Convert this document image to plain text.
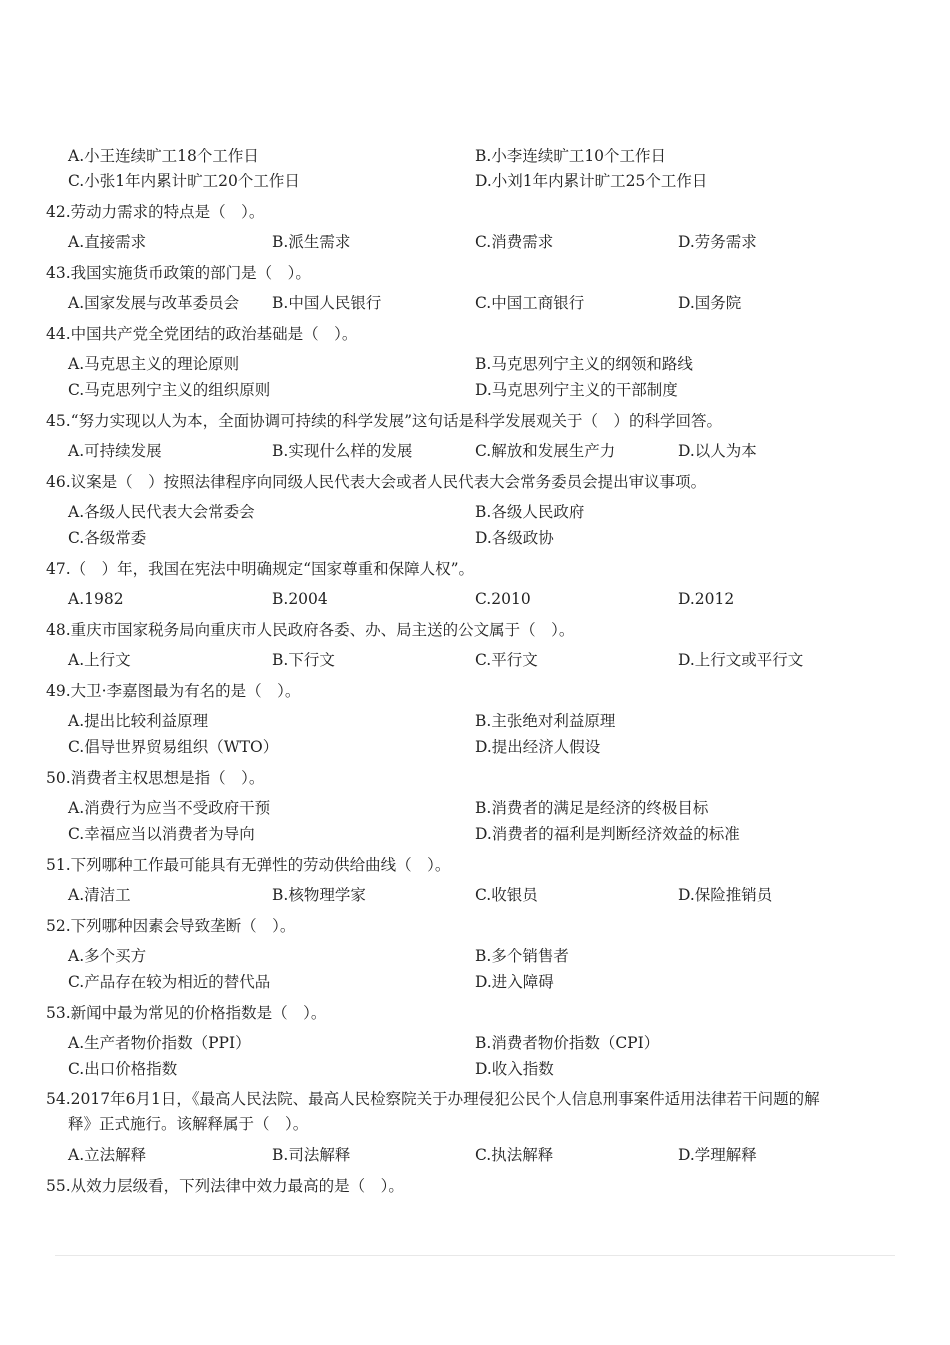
A.小王连续旷工18个工作日	B.小李连续旷工10个工作日
C.小张1年内累计旷工20个工作日	D.小刘1年内累计旷工25个工作日
42.劳动力需求的特点是（　）。
A.直接需求	B.派生需求	C.消费需求	D.劳务需求
43.我国实施货币政策的部门是（　）。
A.国家发展与改革委员会 B.中国人民银行	C.中国工商银行	D.国务院
44.中国共产党全党团结的政治基础是（　）。
A.马克思主义的理论原则	B.马克思列宁主义的纲领和路线
C.马克思列宁主义的组织原则	D.马克思列宁主义的干部制度
45.“努力实现以人为本，全面协调可持续的科学发展”这句话是科学发展观关于（　）的科学回答。
A.可持续发展	B.实现什么样的发展	C.解放和发展生产力	D.以人为本
46.议案是（　）按照法律程序向同级人民代表大会或者人民代表大会常务委员会提出审议事项。
A.各级人民代表大会常委会	B.各级人民政府
C.各级常委	D.各级政协
47.（　）年，我国在宪法中明确规定“国家尊重和保障人权”。
A.1982	B.2004	C.2010	D.2012
48.重庆市国家税务局向重庆市人民政府各委、办、局主送的公文属于（　）。
A.上行文	B.下行文	C.平行文	D.上行文或平行文
49.大卫·李嘉图最为有名的是（　）。
A.提出比较利益原理	B.主张绝对利益原理
C.倡导世界贸易组织（WTO）	D.提出经济人假设
50.消费者主权思想是指（　）。
A.消费行为应当不受政府干预	B.消费者的满足是经济的终极目标
C.幸福应当以消费者为导向	D.消费者的福利是判断经济效益的标准
51.下列哪种工作最可能具有无弹性的劳动供给曲线（　）。
A.清洁工	B.核物理学家	C.收银员	D.保险推销员
52.下列哪种因素会导致垄断（　）。
A.多个买方	B.多个销售者
C.产品存在较为相近的替代品	D.进入障碍
53.新闻中最为常见的价格指数是（　）。
A.生产者物价指数（PPI）	B.消费者物价指数（CPI）
C.出口价格指数	D.收入指数
54.2017年6月1日，《最高人民法院、最高人民检察院关于办理侵犯公民个人信息刑事案件适用法律若干问题的解
释》正式施行。该解释属于（　）。
A.立法解释	B.司法解释	C.执法解释	D.学理解释
55.从效力层级看，下列法律中效力最高的是（　）。
